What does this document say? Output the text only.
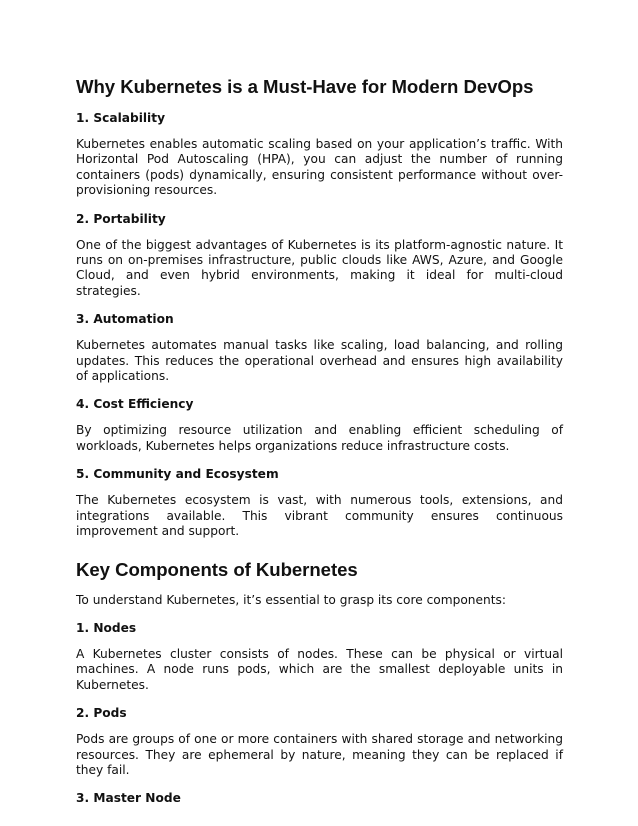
Why Kubernetes is a Must-Have for Modern DevOps
1. Scalability

Kubernetes enables automatic scaling based on your application’s traffic. With Horizontal Pod Autoscaling (HPA), you can adjust the number of running containers (pods) dynamically, ensuring consistent performance without over-provisioning resources.

2. Portability

One of the biggest advantages of Kubernetes is its platform-agnostic nature. It runs on on-premises infrastructure, public clouds like AWS, Azure, and Google Cloud, and even hybrid environments, making it ideal for multi-cloud strategies.

3. Automation

Kubernetes automates manual tasks like scaling, load balancing, and rolling updates. This reduces the operational overhead and ensures high availability of applications.

4. Cost Efficiency

By optimizing resource utilization and enabling efficient scheduling of workloads, Kubernetes helps organizations reduce infrastructure costs.

5. Community and Ecosystem

The Kubernetes ecosystem is vast, with numerous tools, extensions, and integrations available. This vibrant community ensures continuous improvement and support.

Key Components of Kubernetes

To understand Kubernetes, it’s essential to grasp its core components:

1. Nodes

A Kubernetes cluster consists of nodes. These can be physical or virtual machines. A node runs pods, which are the smallest deployable units in Kubernetes.

2. Pods

Pods are groups of one or more containers with shared storage and networking resources. They are ephemeral by nature, meaning they can be replaced if they fail.

3. Master Node
